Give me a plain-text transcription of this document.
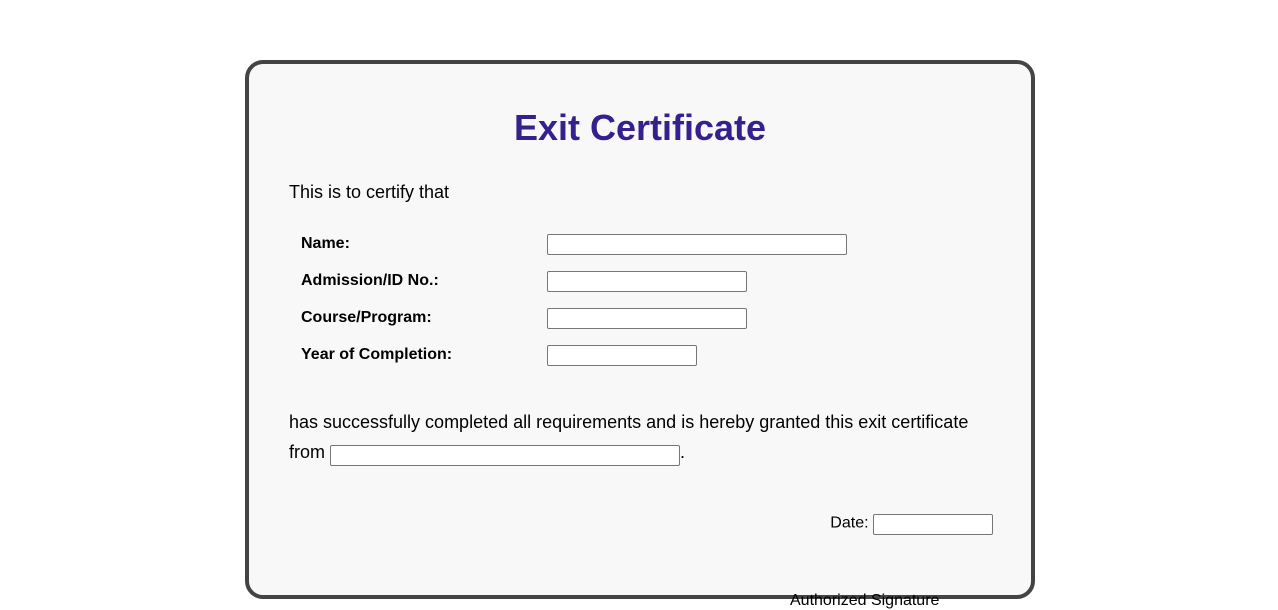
Exit Certificate
This is to certify that
Name:
Admission/ID No.:
Course/Program:
Year of Completion:
has successfully completed all requirements and is hereby granted this exit certificate from	.
Date:
Authorized Signature
